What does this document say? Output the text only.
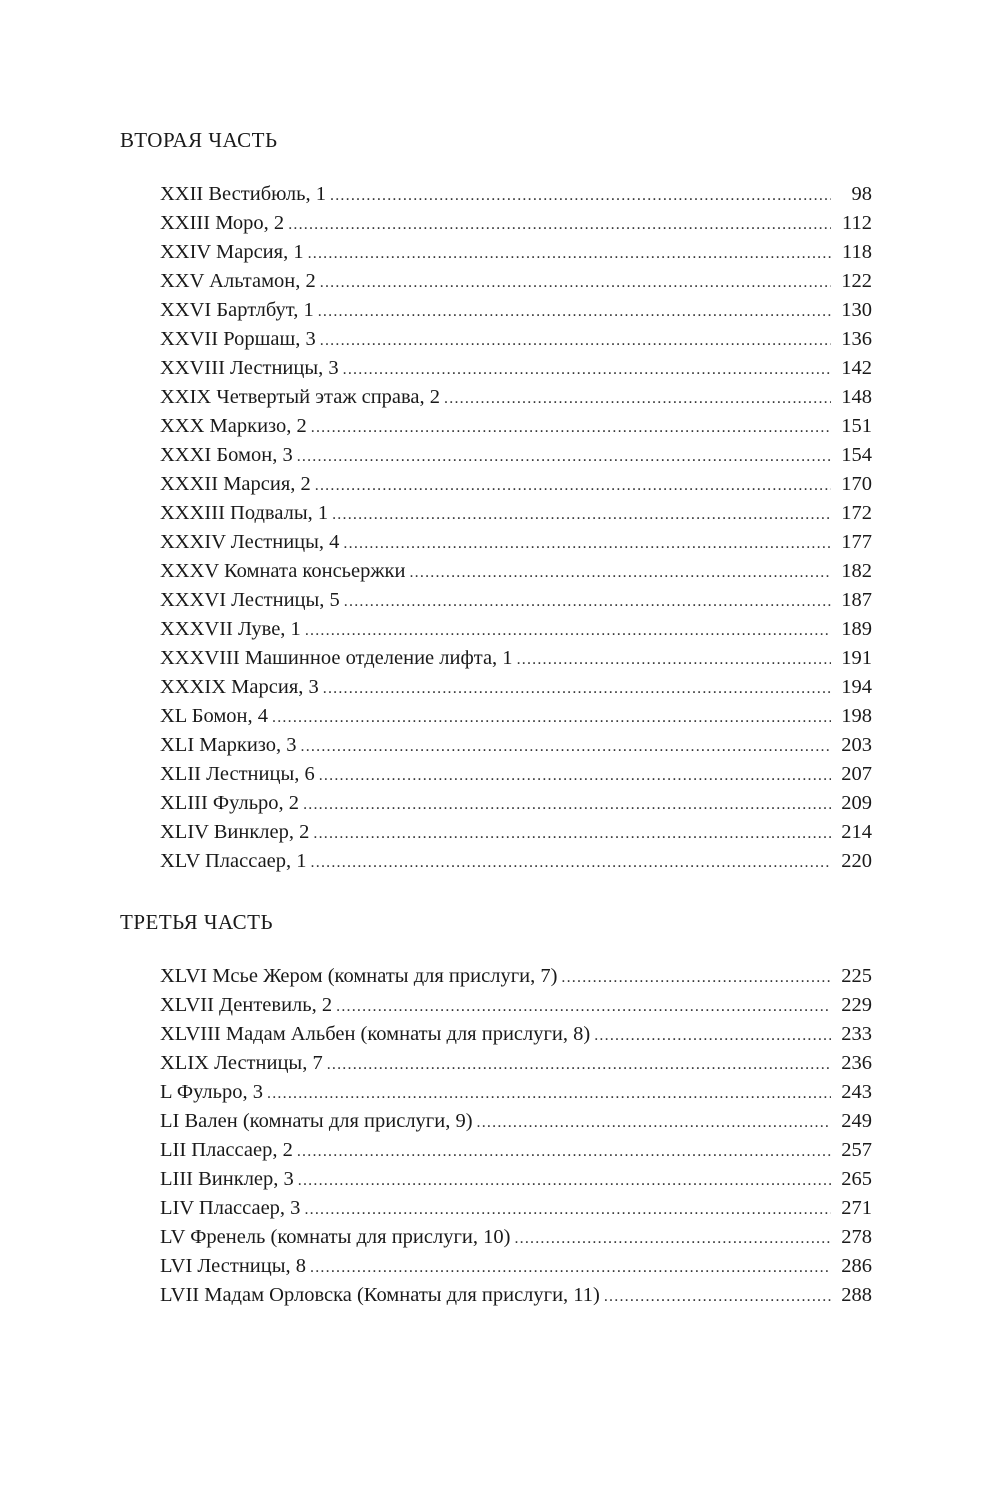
ВТОРАЯ ЧАСТЬ
XXII Вестибюль, 1 .....	98
XXIII Моро, 2 .....	112
XXIV Марсия, 1 .....	118
XXV Альтамон, 2 .....	122
XXVI Бартлбут, 1 .....	130
XXVII Роршаш, 3 .....	136
XXVIII Лестницы, 3 .....	142
XXIX Четвертый этаж справа, 2 .....	148
XXX Маркизо, 2 .....	151
XXXI Бомон, 3 .....	154
XXXII Марсия, 2 .....	170
XXXIII Подвалы, 1 .....	172
XXXIV Лестницы, 4 .....	177
XXXV Комната консьержки .....	182
XXXVI Лестницы, 5 .....	187
XXXVII Луве, 1 .....	189
XXXVIII Машинное отделение лифта, 1 .....	191
XXXIX Марсия, 3 .....	194
XL Бомон, 4 .....	198
XLI Маркизо, 3 .....	203
XLII Лестницы, 6 .....	207
XLIII Фульро, 2 .....	209
XLIV Винклер, 2 .....	214
XLV Плассаер, 1 .....	220
ТРЕТЬЯ ЧАСТЬ
XLVI Мсье Жером (комнаты для прислуги, 7) .....	225
XLVII Дентевиль, 2 .....	229
XLVIII Мадам Альбен (комнаты для прислуги, 8) .....	233
XLIX Лестницы, 7 .....	236
L Фульро, 3 .....	243
LI Вален (комнаты для прислуги, 9) .....	249
LII Плассаер, 2 .....	257
LIII Винклер, 3 .....	265
LIV Плассаер, 3 .....	271
LV Френель (комнаты для прислуги, 10) .....	278
LVI Лестницы, 8 .....	286
LVII Мадам Орловска (Комнаты для прислуги, 11) .....	288
